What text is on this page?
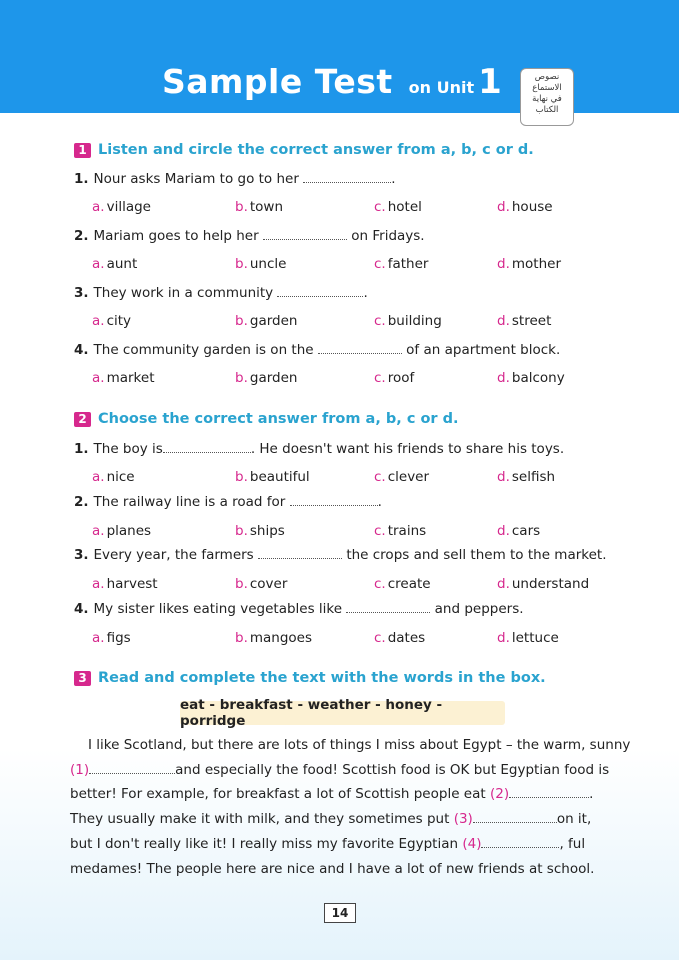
Sample Test on Unit 1	نصوص
الاستماع
في نهاية
الكتاب
1 Listen and circle the correct answer from a, b, c or d.
1. Nour asks Mariam to go to her	.
a. village	b. town	c. hotel	d. house
2. Mariam goes to help her	on Fridays.
a. aunt	b. uncle	c. father	d. mother
3. They work in a community	.
a. city	b. garden	c. building	d. street
4. The community garden is on the	of an apartment block.
a. market	b. garden	c. roof	d. balcony
2 Choose the correct answer from a, b, c or d.
1. The boy is	. He doesn't want his friends to share his toys.
a. nice	b. beautiful	c. clever	d. selfish
2. The railway line is a road for	.
a. planes	b. ships	c. trains	d. cars
3. Every year, the farmers	the crops and sell them to the market.
a. harvest	b. cover	c. create	d. understand
4. My sister likes eating vegetables like	and peppers.
a. figs	b. mangoes	c. dates	d. lettuce
3 Read and complete the text with the words in the box.
eat - breakfast - weather - honey - porridge
I like Scotland, but there are lots of things I miss about Egypt – the warm, sunny
(1)	and especially the food! Scottish food is OK but Egyptian food is
better! For example, for breakfast a lot of Scottish people eat (2)	.
They usually make it with milk, and they sometimes put (3)	on it,
but I don't really like it! I really miss my favorite Egyptian (4)	, ful
medames! The people here are nice and I have a lot of new friends at school.
14
